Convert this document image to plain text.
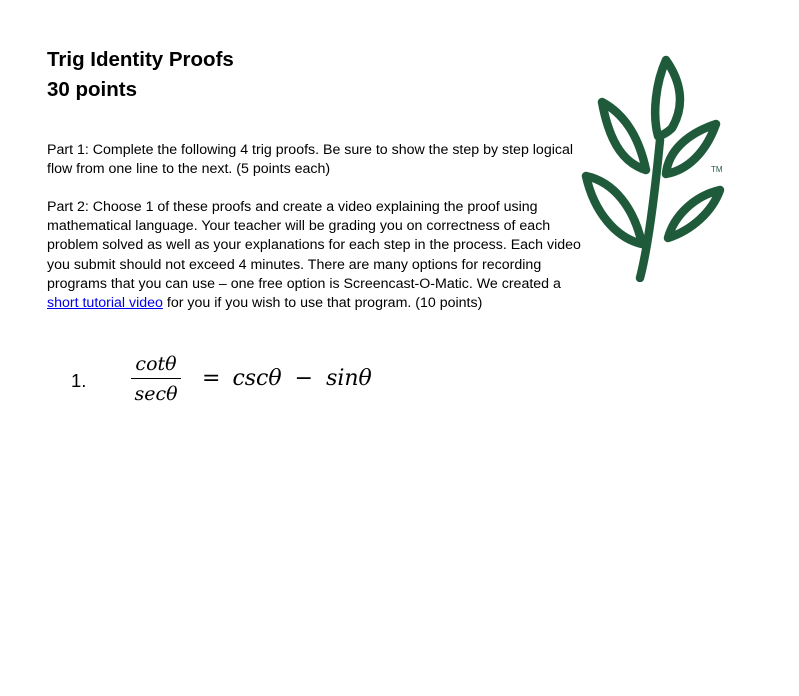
Trig Identity Proofs
30 points
Part 1: Complete the following 4 trig proofs. Be sure to show the step by step logical flow from one line to the next. (5 points each)
Part 2: Choose 1 of these proofs and create a video explaining the proof using mathematical language. Your teacher will be grading you on correctness of each problem solved as well as your explanations for each step in the process. Each video you submit should not exceed 4 minutes. There are many options for recording programs that you can use – one free option is Screencast-O-Matic. We created a short tutorial video for you if you wish to use that program. (10 points)
TM
1.
cotθ
secθ
= cscθ − sinθ
